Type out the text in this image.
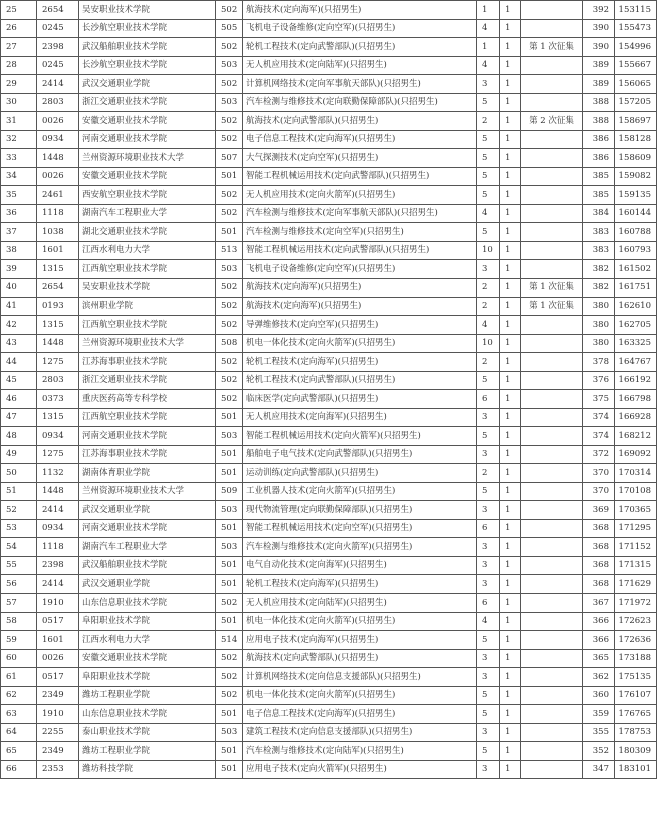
25	2654	吴安职业技术学院	502	航海技术(定向海军)(只招男生)	1	1		392	153115
26	0245	长沙航空职业技术学院	505	飞机电子设备维修(定向空军)(只招男生)	4	1		390	155473
27	2398	武汉船舶职业技术学院	502	轮机工程技术(定向武警部队)(只招男生)	1	1	第 1 次征集	390	154996
28	0245	长沙航空职业技术学院	503	无人机应用技术(定向陆军)(只招男生)	4	1		389	155667
29	2414	武汉交通职业学院	502	计算机网络技术(定向军事航天部队)(只招男生)	3	1		389	156065
30	2803	浙江交通职业技术学院	503	汽车检测与维修技术(定向联勤保障部队)(只招男生)	5	1		388	157205
31	0026	安徽交通职业技术学院	502	航海技术(定向武警部队)(只招男生)	2	1	第 2 次征集	388	158697
32	0934	河南交通职业技术学院	502	电子信息工程技术(定向海军)(只招男生)	5	1		386	158128
33	1448	兰州资源环境职业技术大学	507	大气探测技术(定向空军)(只招男生)	5	1		386	158609
34	0026	安徽交通职业技术学院	501	智能工程机械运用技术(定向武警部队)(只招男生)	5	1		385	159082
35	2461	西安航空职业技术学院	502	无人机应用技术(定向火箭军)(只招男生)	5	1		385	159135
36	1118	湖南汽车工程职业大学	502	汽车检测与维修技术(定向军事航天部队)(只招男生)	4	1		384	160144
37	1038	湖北交通职业技术学院	501	汽车检测与维修技术(定向空军)(只招男生)	5	1		383	160788
38	1601	江西水利电力大学	513	智能工程机械运用技术(定向武警部队)(只招男生)	10	1		383	160793
39	1315	江西航空职业技术学院	503	飞机电子设备维修(定向空军)(只招男生)	3	1		382	161502
40	2654	吴安职业技术学院	502	航海技术(定向海军)(只招男生)	2	1	第 1 次征集	382	161751
41	0193	滨州职业学院	502	航海技术(定向海军)(只招男生)	2	1	第 1 次征集	380	162610
42	1315	江西航空职业技术学院	502	导弹维修技术(定向空军)(只招男生)	4	1		380	162705
43	1448	兰州资源环境职业技术大学	508	机电一体化技术(定向火箭军)(只招男生)	10	1		380	163325
44	1275	江苏海事职业技术学院	502	轮机工程技术(定向海军)(只招男生)	2	1		378	164767
45	2803	浙江交通职业技术学院	502	轮机工程技术(定向武警部队)(只招男生)	5	1		376	166192
46	0373	重庆医药高等专科学校	502	临床医学(定向武警部队)(只招男生)	6	1		375	166798
47	1315	江西航空职业技术学院	501	无人机应用技术(定向海军)(只招男生)	3	1		374	166928
48	0934	河南交通职业技术学院	503	智能工程机械运用技术(定向火箭军)(只招男生)	5	1		374	168212
49	1275	江苏海事职业技术学院	501	船舶电子电气技术(定向武警部队)(只招男生)	3	1		372	169092
50	1132	湖南体育职业学院	501	运动训练(定向武警部队)(只招男生)	2	1		370	170314
51	1448	兰州资源环境职业技术大学	509	工业机器人技术(定向火箭军)(只招男生)	5	1		370	170108
52	2414	武汉交通职业学院	503	现代物流管理(定向联勤保障部队)(只招男生)	3	1		369	170365
53	0934	河南交通职业技术学院	501	智能工程机械运用技术(定向空军)(只招男生)	6	1		368	171295
54	1118	湖南汽车工程职业大学	503	汽车检测与维修技术(定向火箭军)(只招男生)	3	1		368	171152
55	2398	武汉船舶职业技术学院	501	电气自动化技术(定向海军)(只招男生)	3	1		368	171315
56	2414	武汉交通职业学院	501	轮机工程技术(定向海军)(只招男生)	3	1		368	171629
57	1910	山东信息职业技术学院	502	无人机应用技术(定向陆军)(只招男生)	6	1		367	171972
58	0517	阜阳职业技术学院	501	机电一体化技术(定向火箭军)(只招男生)	4	1		366	172623
59	1601	江西水利电力大学	514	应用电子技术(定向海军)(只招男生)	5	1		366	172636
60	0026	安徽交通职业技术学院	502	航海技术(定向武警部队)(只招男生)	3	1		365	173188
61	0517	阜阳职业技术学院	502	计算机网络技术(定向信息支援部队)(只招男生)	3	1		362	175135
62	2349	潍坊工程职业学院	502	机电一体化技术(定向火箭军)(只招男生)	5	1		360	176107
63	1910	山东信息职业技术学院	501	电子信息工程技术(定向海军)(只招男生)	5	1		359	176765
64	2255	泰山职业技术学院	503	建筑工程技术(定向信息支援部队)(只招男生)	3	1		355	178753
65	2349	潍坊工程职业学院	501	汽车检测与维修技术(定向陆军)(只招男生)	5	1		352	180309
66	2353	潍坊科技学院	501	应用电子技术(定向火箭军)(只招男生)	3	1		347	183101
